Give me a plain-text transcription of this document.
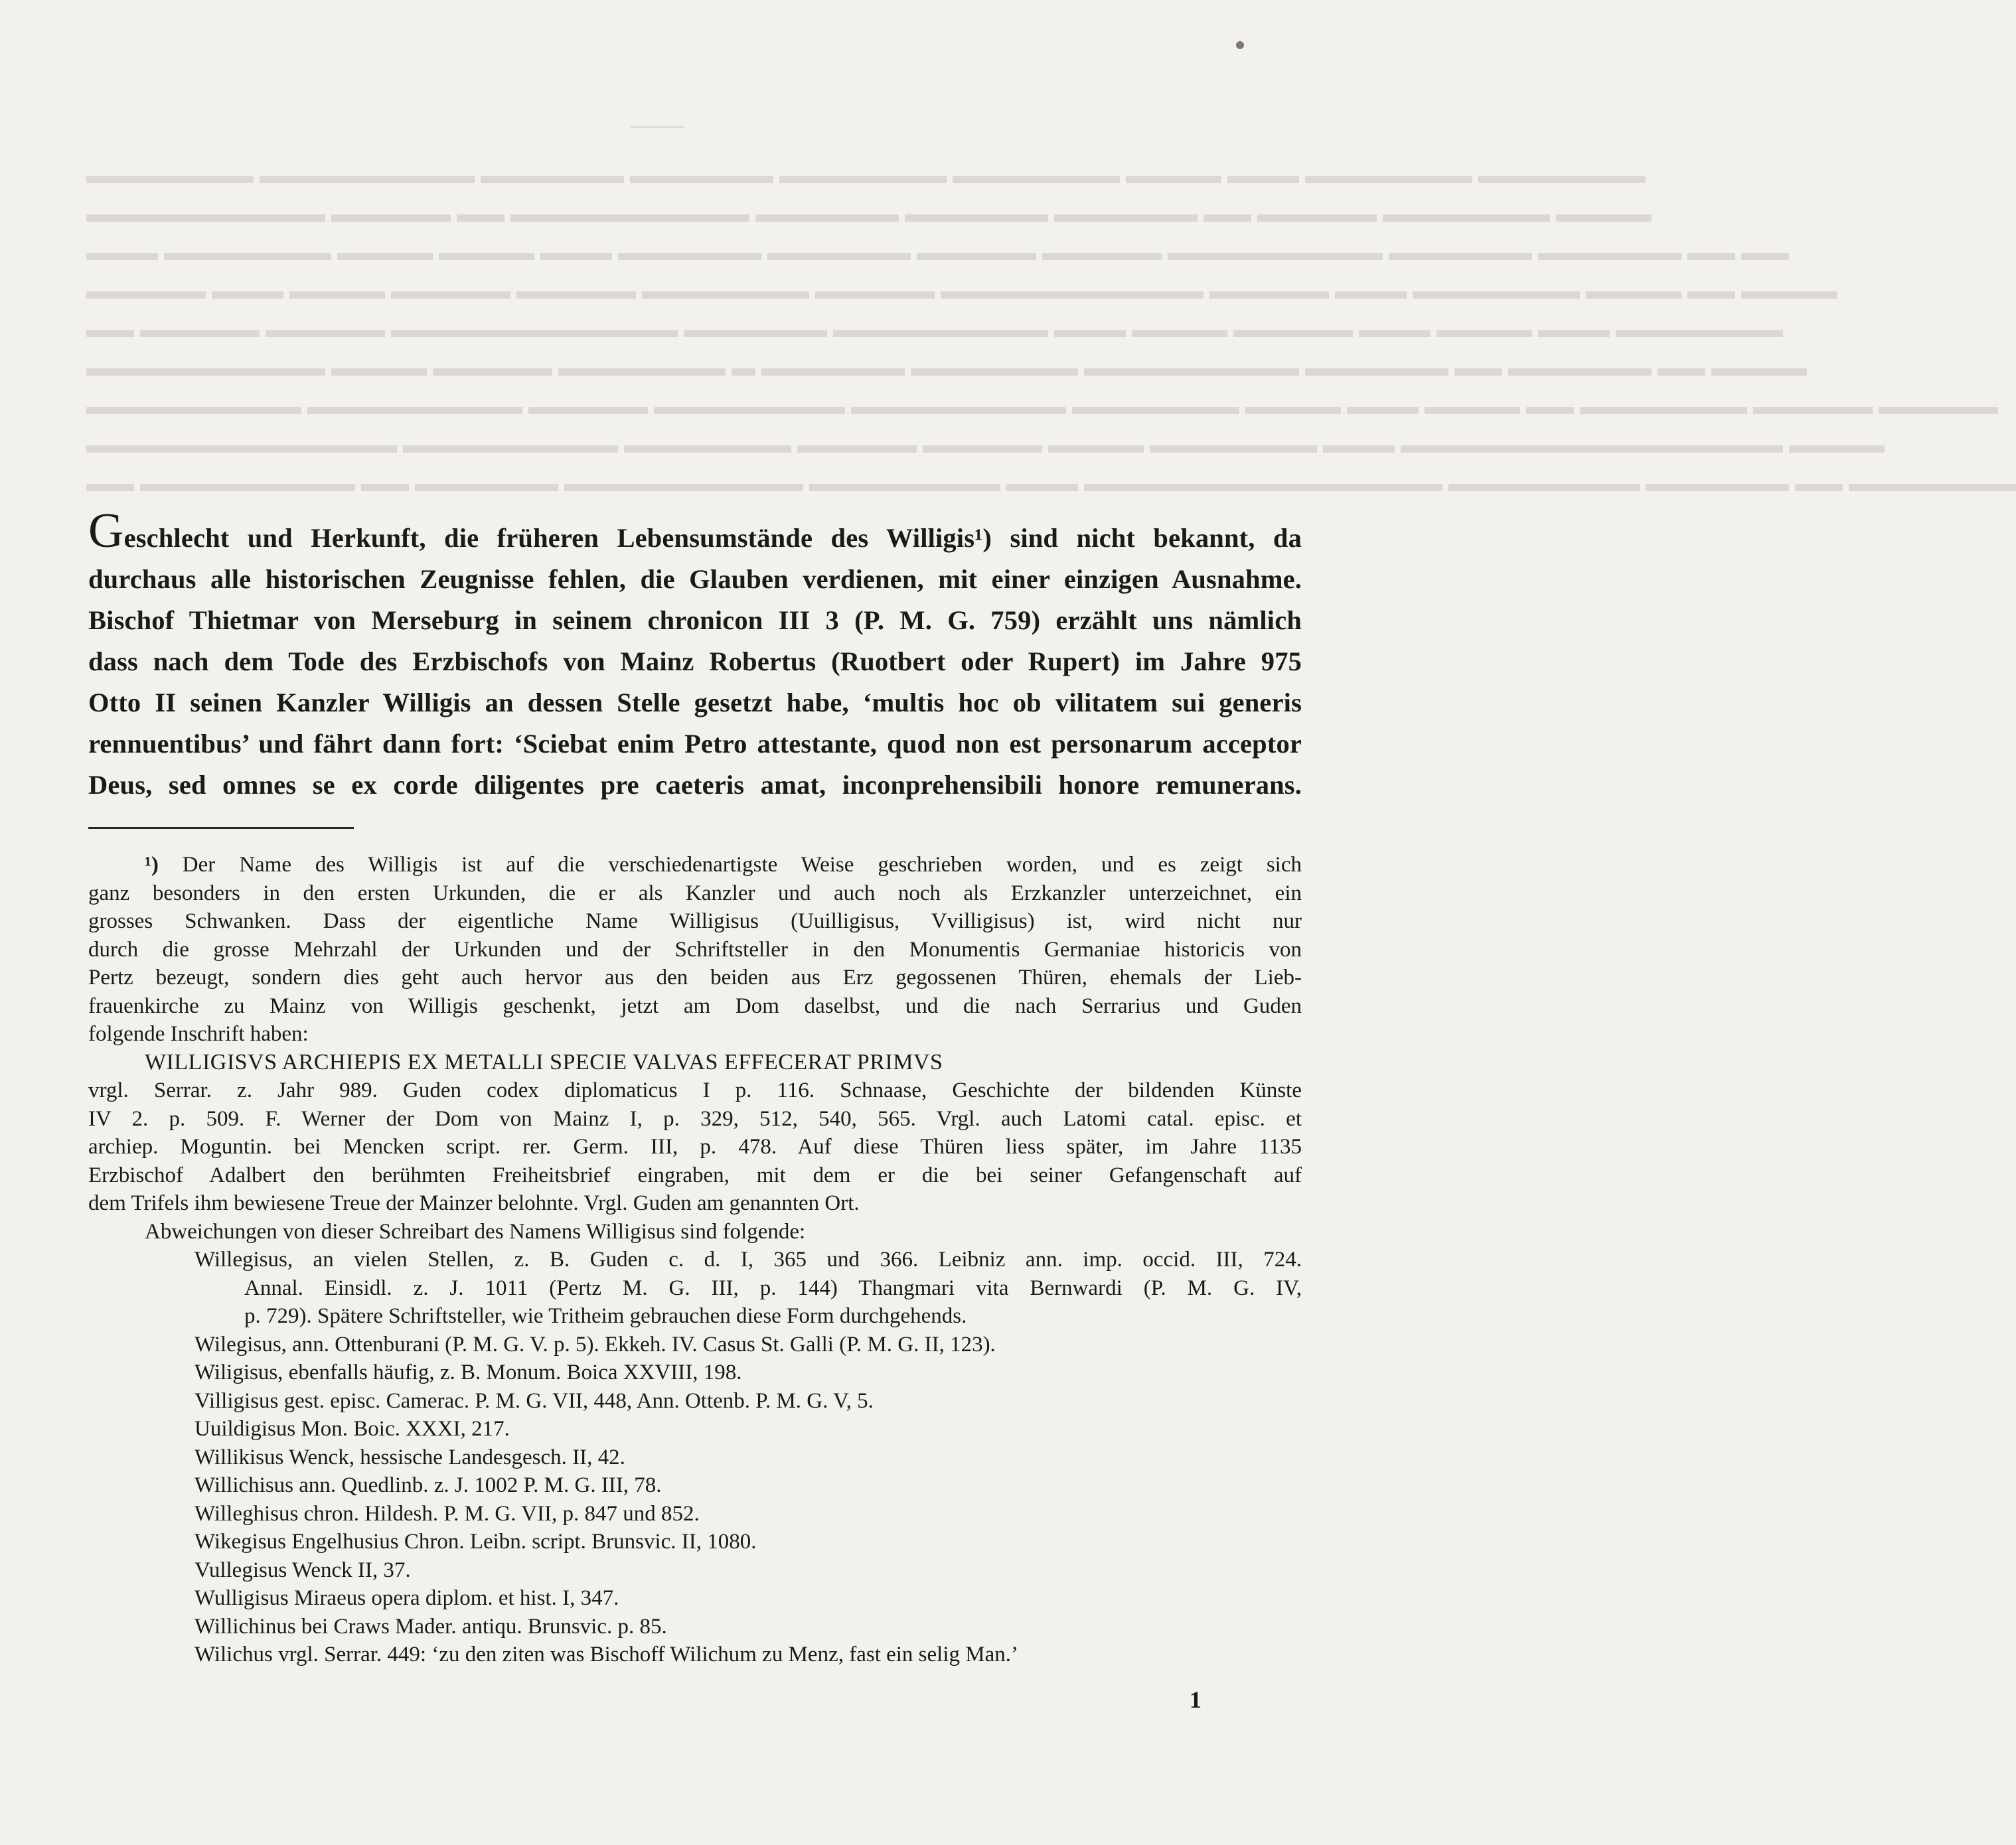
▬▬▬▬▬▬▬ ▬▬▬▬▬▬▬▬▬ ▬▬▬▬▬▬ ▬▬▬▬▬▬ ▬▬▬▬▬▬▬ ▬▬▬▬▬▬▬ ▬▬▬▬ ▬▬▬ ▬▬▬▬▬▬▬ ▬▬▬▬▬▬▬
▬▬▬▬▬▬▬▬▬▬ ▬▬▬▬▬ ▬▬ ▬▬▬▬▬▬▬▬▬▬ ▬▬▬▬▬▬ ▬▬▬▬▬▬ ▬▬▬▬▬▬ ▬▬ ▬▬▬▬▬ ▬▬▬▬▬▬▬ ▬▬▬▬
▬▬▬ ▬▬▬▬▬▬▬ ▬▬▬▬ ▬▬▬▬ ▬▬▬ ▬▬▬▬▬▬ ▬▬▬▬▬▬ ▬▬▬▬▬ ▬▬▬▬▬ ▬▬▬▬▬▬▬▬▬ ▬▬▬▬▬▬ ▬▬▬▬▬▬ ▬▬ ▬▬
▬▬▬▬▬ ▬▬▬ ▬▬▬▬ ▬▬▬▬▬ ▬▬▬▬▬ ▬▬▬▬▬▬▬ ▬▬▬▬▬ ▬▬▬▬▬▬▬▬▬▬▬ ▬▬▬▬▬ ▬▬▬ ▬▬▬▬▬▬▬ ▬▬▬▬ ▬▬ ▬▬▬▬
▬▬ ▬▬▬▬▬ ▬▬▬▬▬ ▬▬▬▬▬▬▬▬▬▬▬▬ ▬▬▬▬▬▬ ▬▬▬▬▬▬▬▬▬ ▬▬▬ ▬▬▬▬ ▬▬▬▬▬ ▬▬▬ ▬▬▬▬ ▬▬▬ ▬▬▬▬▬▬▬
▬▬▬▬▬▬▬▬▬▬ ▬▬▬▬ ▬▬▬▬▬ ▬▬▬▬▬▬▬ ▬ ▬▬▬▬▬▬ ▬▬▬▬▬▬▬ ▬▬▬▬▬▬▬▬▬ ▬▬▬▬▬▬ ▬▬ ▬▬▬▬▬▬ ▬▬ ▬▬▬▬
▬▬▬▬▬▬▬▬▬ ▬▬▬▬▬▬▬▬▬ ▬▬▬▬▬ ▬▬▬▬▬▬▬▬ ▬▬▬▬▬▬▬▬▬ ▬▬▬▬▬▬▬ ▬▬▬▬ ▬▬▬ ▬▬▬▬ ▬▬ ▬▬▬▬▬▬▬ ▬▬▬▬▬ ▬▬▬▬▬
▬▬▬▬▬▬▬▬▬▬▬▬▬ ▬▬▬▬▬▬▬▬▬ ▬▬▬▬▬▬▬ ▬▬▬▬▬ ▬▬▬▬▬ ▬▬▬▬ ▬▬▬▬▬▬▬ ▬▬▬ ▬▬▬▬▬▬▬▬▬▬▬▬▬▬▬▬ ▬▬▬▬
▬▬ ▬▬▬▬▬▬▬▬▬ ▬▬ ▬▬▬▬▬▬ ▬▬▬▬▬▬▬▬▬▬ ▬▬▬▬▬▬▬▬ ▬▬▬ ▬▬▬▬▬▬▬▬▬▬▬▬▬▬▬ ▬▬▬▬▬▬▬▬ ▬▬▬▬▬▬ ▬▬ ▬▬▬▬▬▬▬
Geschlecht und Herkunft, die früheren Lebensumstände des Willigis¹) sind nicht bekannt, da
durchaus alle historischen Zeugnisse fehlen, die Glauben verdienen, mit einer einzigen Ausnahme.
Bischof Thietmar von Merseburg in seinem chronicon III 3 (P. M. G. 759) erzählt uns nämlich
dass nach dem Tode des Erzbischofs von Mainz Robertus (Ruotbert oder Rupert) im Jahre 975
Otto II seinen Kanzler Willigis an dessen Stelle gesetzt habe, ‘multis hoc ob vilitatem sui generis
rennuentibus’ und fährt dann fort: ‘Sciebat enim Petro attestante, quod non est personarum acceptor
Deus, sed omnes se ex corde diligentes pre caeteris amat, inconprehensibili honore remunerans.
¹) Der Name des Willigis ist auf die verschiedenartigste Weise geschrieben worden, und es zeigt sich
ganz besonders in den ersten Urkunden, die er als Kanzler und auch noch als Erzkanzler unterzeichnet, ein
grosses Schwanken. Dass der eigentliche Name Willigisus (Uuilligisus, Vvilligisus) ist, wird nicht nur
durch die grosse Mehrzahl der Urkunden und der Schriftsteller in den Monumentis Germaniae historicis von
Pertz bezeugt, sondern dies geht auch hervor aus den beiden aus Erz gegossenen Thüren, ehemals der Lieb-
frauenkirche zu Mainz von Willigis geschenkt, jetzt am Dom daselbst, und die nach Serrarius und Guden
folgende Inschrift haben:
WILLIGISVS ARCHIEPIS EX METALLI SPECIE VALVAS EFFECERAT PRIMVS
vrgl. Serrar. z. Jahr 989. Guden codex diplomaticus I p. 116. Schnaase, Geschichte der bildenden Künste
IV 2. p. 509. F. Werner der Dom von Mainz I, p. 329, 512, 540, 565. Vrgl. auch Latomi catal. episc. et
archiep. Moguntin. bei Mencken script. rer. Germ. III, p. 478. Auf diese Thüren liess später, im Jahre 1135
Erzbischof Adalbert den berühmten Freiheitsbrief eingraben, mit dem er die bei seiner Gefangenschaft auf
dem Trifels ihm bewiesene Treue der Mainzer belohnte. Vrgl. Guden am genannten Ort.
Abweichungen von dieser Schreibart des Namens Willigisus sind folgende:
Willegisus, an vielen Stellen, z. B. Guden c. d. I, 365 und 366. Leibniz ann. imp. occid. III, 724.
Annal. Einsidl. z. J. 1011 (Pertz M. G. III, p. 144) Thangmari vita Bernwardi (P. M. G. IV,
p. 729). Spätere Schriftsteller, wie Tritheim gebrauchen diese Form durchgehends.
Wilegisus, ann. Ottenburani (P. M. G. V. p. 5). Ekkeh. IV. Casus St. Galli (P. M. G. II, 123).
Wiligisus, ebenfalls häufig, z. B. Monum. Boica XXVIII, 198.
Villigisus gest. episc. Camerac. P. M. G. VII, 448, Ann. Ottenb. P. M. G. V, 5.
Uuildigisus Mon. Boic. XXXI, 217.
Willikisus Wenck, hessische Landesgesch. II, 42.
Willichisus ann. Quedlinb. z. J. 1002 P. M. G. III, 78.
Willeghisus chron. Hildesh. P. M. G. VII, p. 847 und 852.
Wikegisus Engelhusius Chron. Leibn. script. Brunsvic. II, 1080.
Vullegisus Wenck II, 37.
Wulligisus Miraeus opera diplom. et hist. I, 347.
Willichinus bei Craws Mader. antiqu. Brunsvic. p. 85.
Wilichus vrgl. Serrar. 449: ‘zu den ziten was Bischoff Wilichum zu Menz, fast ein selig Man.’
1
